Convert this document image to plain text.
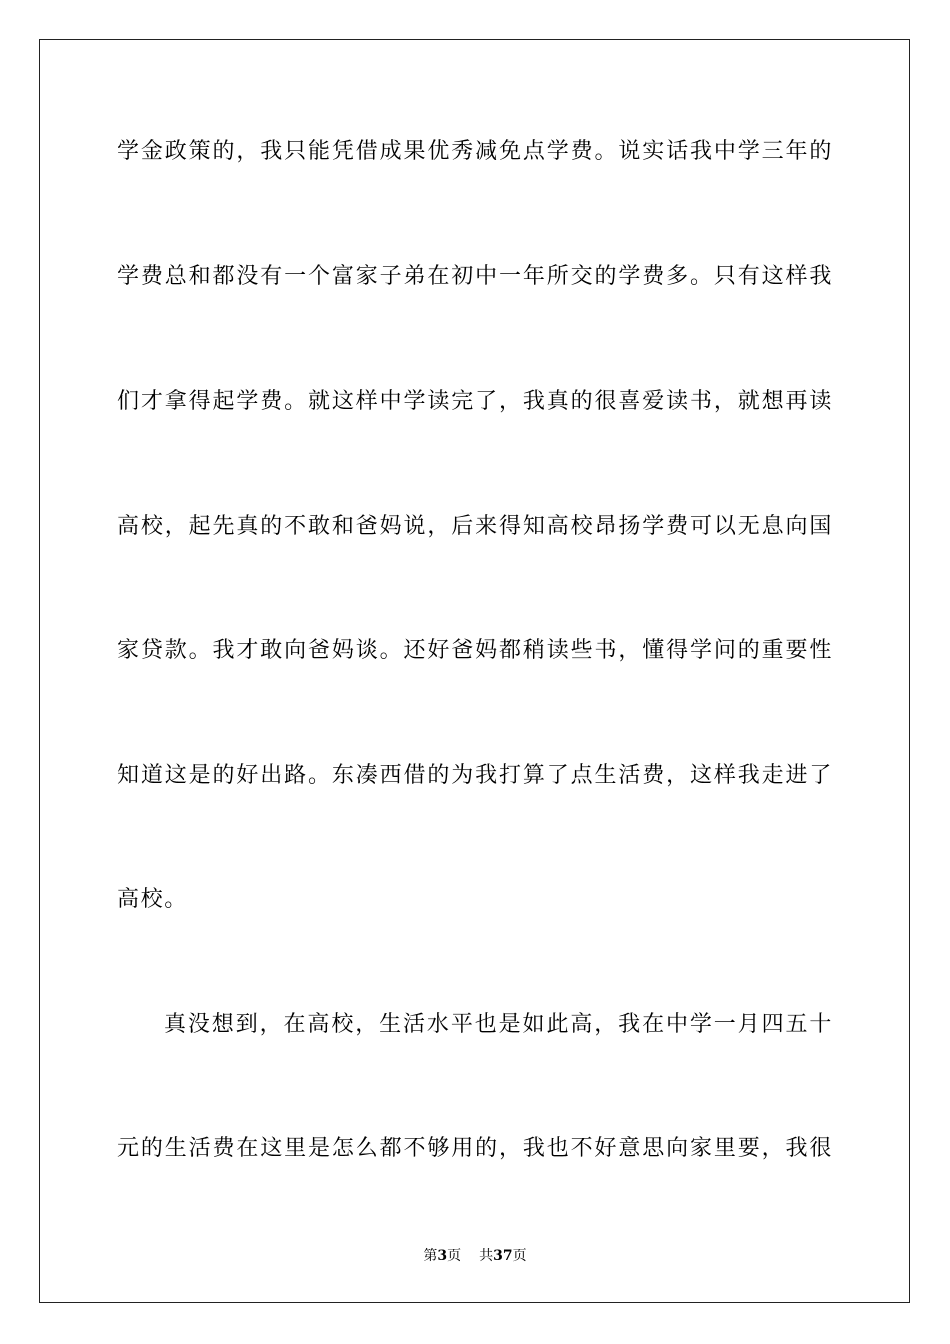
学金政策的，我只能凭借成果优秀减免点学费。说实话我中学三年的
学费总和都没有一个富家子弟在初中一年所交的学费多。只有这样我
们才拿得起学费。就这样中学读完了，我真的很喜爱读书，就想再读
高校，起先真的不敢和爸妈说，后来得知高校昂扬学费可以无息向国
家贷款。我才敢向爸妈谈。还好爸妈都稍读些书，懂得学问的重要性
知道这是的好出路。东凑西借的为我打算了点生活费，这样我走进了
高校。
真没想到，在高校，生活水平也是如此高，我在中学一月四五十
元的生活费在这里是怎么都不够用的，我也不好意思向家里要，我很
第3页 共37页
